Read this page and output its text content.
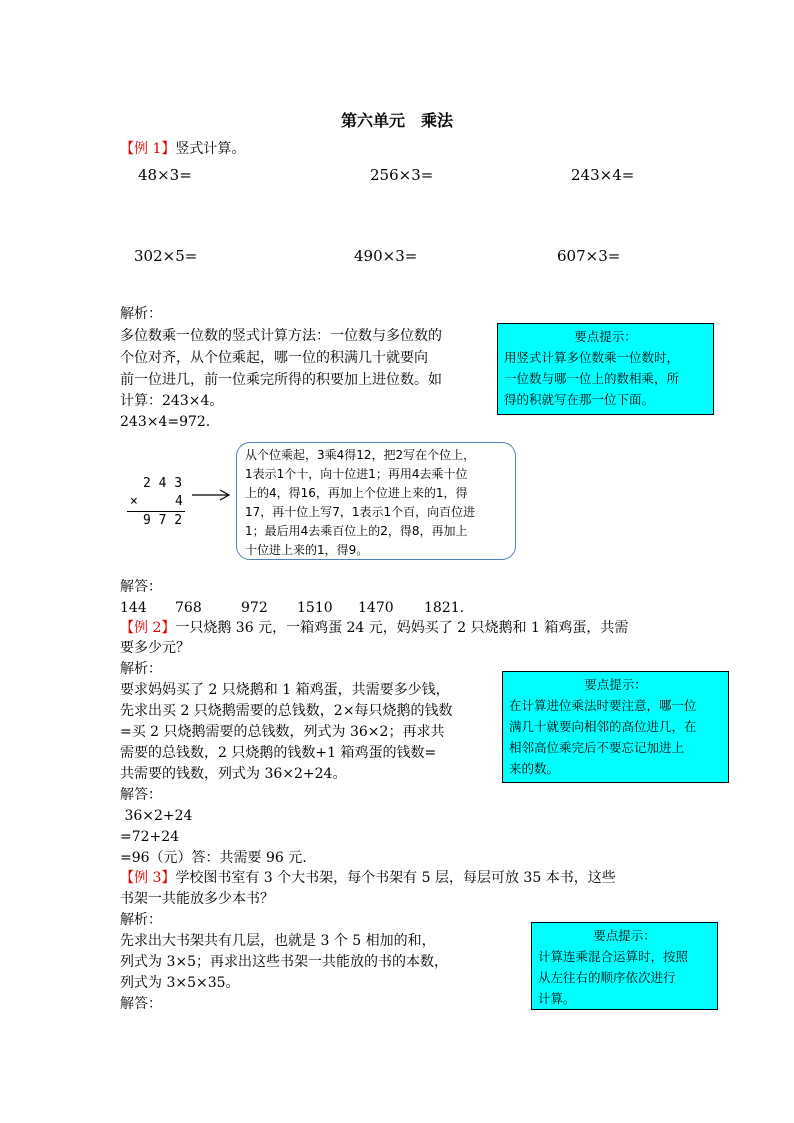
第六单元　乘法
【例 1】竖式计算。
48×3=	256×3=	243×4=
302×5=	490×3=	607×3=
解析：
多位数乘一位数的竖式计算方法：一位数与多位数的
个位对齐，从个位乘起，哪一位的积满几十就要向
前一位进几，前一位乘完所得的积要加上进位数。如
计算：243×4。
243×4=972.
要点提示：
用竖式计算多位数乘一位数时，
一位数与哪一位上的数相乘，所
得的积就写在那一位下面。
2 4 3
×	4
9 7 2
从个位乘起，3乘4得12，把2写在个位上，
1表示1个十，向十位进1；再用4去乘十位
上的4，得16，再加上个位进上来的1，得
17，再十位上写7，1表示1个百，向百位进
1；最后用4去乘百位上的2，得8，再加上
十位进上来的1，得9。
解答：
144 768	972 1510 1470 1821.
【例 2】一只烧鹅 36 元，一箱鸡蛋 24 元，妈妈买了 2 只烧鹅和 1 箱鸡蛋，共需
要多少元？
解析：
要求妈妈买了 2 只烧鹅和 1 箱鸡蛋，共需要多少钱，
先求出买 2 只烧鹅需要的总钱数，2×每只烧鹅的钱数
=买 2 只烧鹅需要的总钱数，列式为 36×2；再求共
需要的总钱数，2 只烧鹅的钱数+1 箱鸡蛋的钱数=
共需要的钱数，列式为 36×2+24。
要点提示：
在计算进位乘法时要注意，哪一位
满几十就要向相邻的高位进几，在
相邻高位乘完后不要忘记加进上
来的数。
解答：
36×2+24
=72+24
=96（元）答：共需要 96 元.
【例 3】学校图书室有 3 个大书架，每个书架有 5 层，每层可放 35 本书，这些
书架一共能放多少本书？
解析：
先求出大书架共有几层，也就是 3 个 5 相加的和，
列式为 3×5；再求出这些书架一共能放的书的本数，
列式为 3×5×35。
解答：
要点提示：
计算连乘混合运算时，按照
从左往右的顺序依次进行
计算。
